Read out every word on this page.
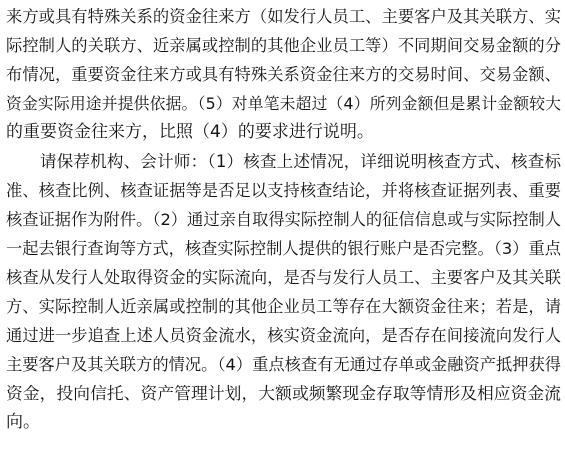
来方或具有特殊关系的资金往来方（如发行人员工、主要客户及其关联方、实
际控制人的关联方、近亲属或控制的其他企业员工等）不同期间交易金额的分
布情况，重要资金往来方或具有特殊关系资金往来方的交易时间、交易金额、
资金实际用途并提供依据。（5）对单笔未超过（4）所列金额但是累计金额较大
的重要资金往来方，比照（4）的要求进行说明。
请保荐机构、会计师：（1）核查上述情况，详细说明核查方式、核查标
准、核查比例、核查证据等是否足以支持核查结论，并将核查证据列表、重要
核查证据作为附件。（2）通过亲自取得实际控制人的征信信息或与实际控制人
一起去银行查询等方式，核查实际控制人提供的银行账户是否完整。（3）重点
核查从发行人处取得资金的实际流向，是否与发行人员工、主要客户及其关联
方、实际控制人近亲属或控制的其他企业员工等存在大额资金往来；若是，请
通过进一步追查上述人员资金流水，核实资金流向，是否存在间接流向发行人
主要客户及其关联方的情况。（4）重点核查有无通过存单或金融资产抵押获得
资金，投向信托、资产管理计划，大额或频繁现金存取等情形及相应资金流
向。
